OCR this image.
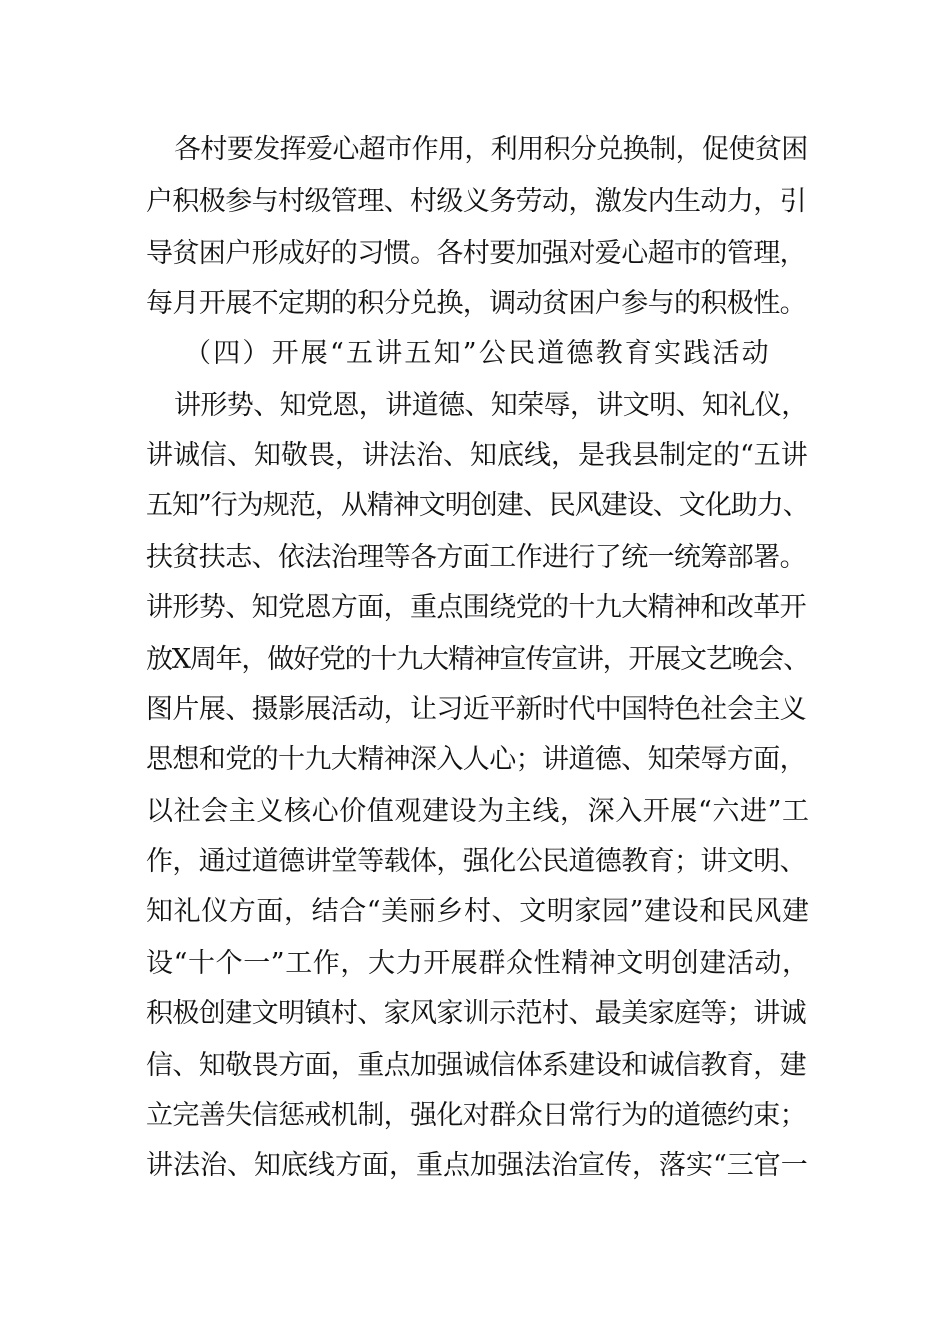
各村要发挥爱心超市作用，利用积分兑换制，促使贫困

户积极参与村级管理、村级义务劳动，激发内生动力，引

导贫困户形成好的习惯。各村要加强对爱心超市的管理，

每月开展不定期的积分兑换，调动贫困户参与的积极性。

（四）开展“五讲五知”公民道德教育实践活动

讲形势、知党恩，讲道德、知荣辱，讲文明、知礼仪，

讲诚信、知敬畏，讲法治、知底线，是我县制定的“五讲

五知”行为规范，从精神文明创建、民风建设、文化助力、

扶贫扶志、依法治理等各方面工作进行了统一统筹部署。

讲形势、知党恩方面，重点围绕党的十九大精神和改革开

放X周年，做好党的十九大精神宣传宣讲，开展文艺晚会、

图片展、摄影展活动，让习近平新时代中国特色社会主义

思想和党的十九大精神深入人心；讲道德、知荣辱方面，

以社会主义核心价值观建设为主线，深入开展“六进”工

作，通过道德讲堂等载体，强化公民道德教育；讲文明、

知礼仪方面，结合“美丽乡村、文明家园”建设和民风建

设“十个一”工作，大力开展群众性精神文明创建活动，

积极创建文明镇村、家风家训示范村、最美家庭等；讲诚

信、知敬畏方面，重点加强诚信体系建设和诚信教育，建

立完善失信惩戒机制，强化对群众日常行为的道德约束；

讲法治、知底线方面，重点加强法治宣传，落实“三官一
